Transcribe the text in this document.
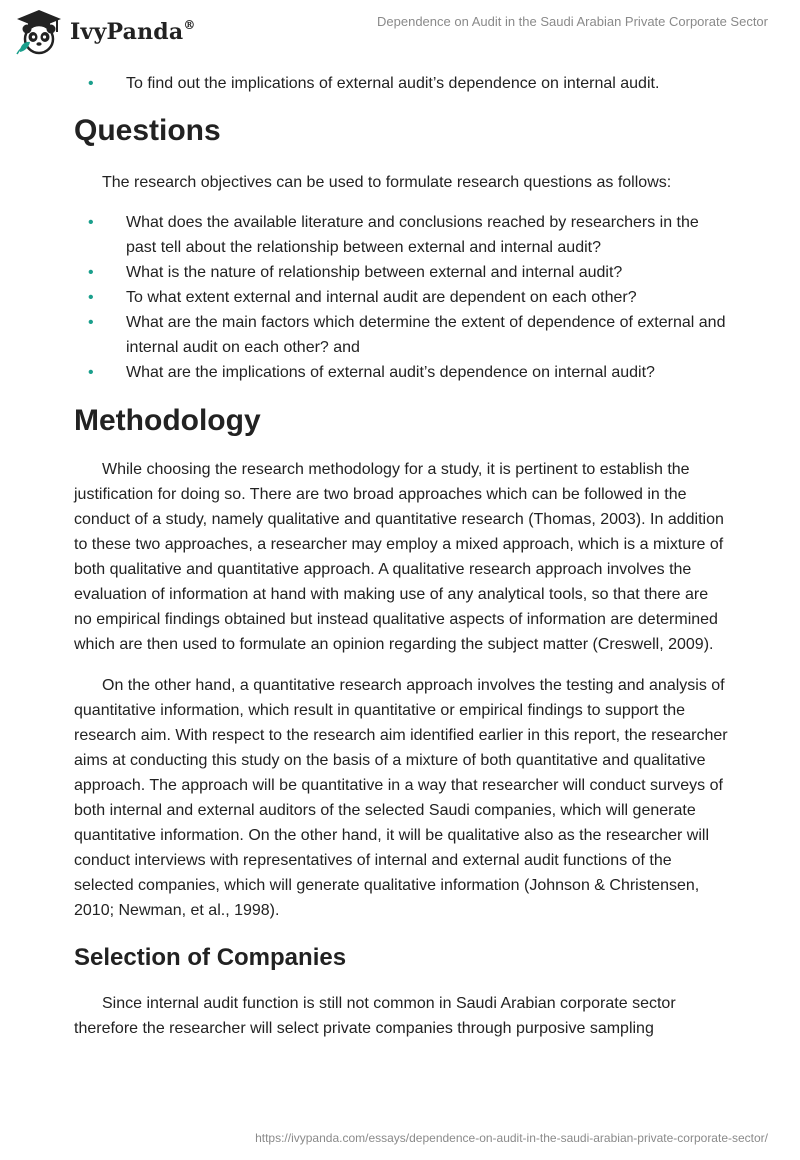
IvyPanda®	Dependence on Audit in the Saudi Arabian Private Corporate Sector
• To find out the implications of external audit’s dependence on internal audit.
Questions

The research objectives can be used to formulate research questions as follows:

• What does the available literature and conclusions reached by researchers in the past tell about the relationship between external and internal audit?
• What is the nature of relationship between external and internal audit?
• To what extent external and internal audit are dependent on each other?
• What are the main factors which determine the extent of dependence of external and internal audit on each other? and
• What are the implications of external audit’s dependence on internal audit?
Methodology

While choosing the research methodology for a study, it is pertinent to establish the justification for doing so. There are two broad approaches which can be followed in the conduct of a study, namely qualitative and quantitative research (Thomas, 2003). In addition to these two approaches, a researcher may employ a mixed approach, which is a mixture of both qualitative and quantitative approach. A qualitative research approach involves the evaluation of information at hand with making use of any analytical tools, so that there are no empirical findings obtained but instead qualitative aspects of information are determined which are then used to formulate an opinion regarding the subject matter (Creswell, 2009).

On the other hand, a quantitative research approach involves the testing and analysis of quantitative information, which result in quantitative or empirical findings to support the research aim. With respect to the research aim identified earlier in this report, the researcher aims at conducting this study on the basis of a mixture of both quantitative and qualitative approach. The approach will be quantitative in a way that researcher will conduct surveys of both internal and external auditors of the selected Saudi companies, which will generate quantitative information. On the other hand, it will be qualitative also as the researcher will conduct interviews with representatives of internal and external audit functions of the selected companies, which will generate qualitative information (Johnson & Christensen, 2010; Newman, et al., 1998).

Selection of Companies

Since internal audit function is still not common in Saudi Arabian corporate sector therefore the researcher will select private companies through purposive sampling

https://ivypanda.com/essays/dependence-on-audit-in-the-saudi-arabian-private-corporate-sector/
